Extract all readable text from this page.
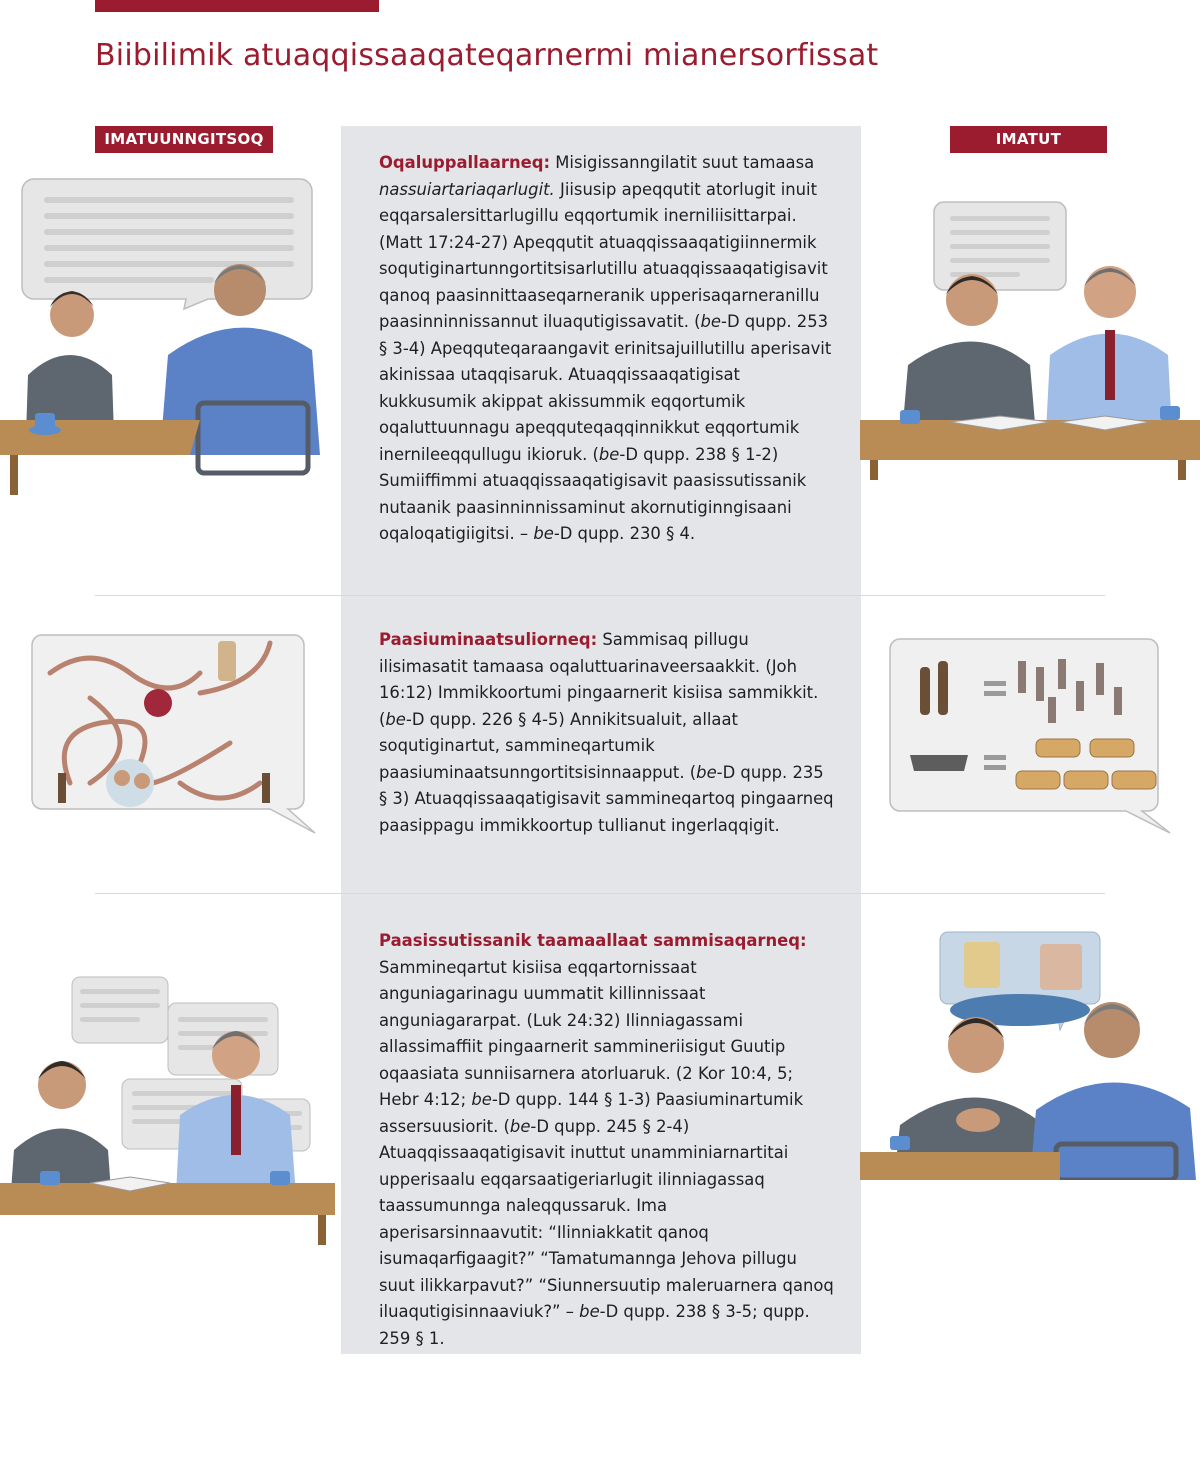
Biibilimik atuaqqissaaqateqarnermi mianersorfissat
IMATUUNNGITSOQ	IMATUT

Oqaluppallaarneq: Misigissanngilatit suut tamaasa nassuiartariaqarlugit. Jiisusip apeqqutit atorlugit inuit eqqarsalersittarlugillu eqqortumik inerniliisittarpai. (Matt 17:24-27) Apeqqutit atuaqqissaaqatigiinnermik soqutiginartunngortitsisarlutillu atuaqqissaaqatigisavit qanoq paasinnittaaseqarneranik upperisaqarneranillu paasinninnissannut iluaqutigissavatit. (be-D qupp. 253 § 3-4) Apeqquteqaraangavit erinitsajuillutillu aperisavit akinissaa utaqqisaruk. Atuaqqissaaqatigisat kukkusumik akippat akissummik eqqortumik oqaluttuunnagu apeqquteqaqqinnikkut eqqortumik inernileeqqullugu ikioruk. (be-D qupp. 238 § 1-2) Sumiiffimmi atuaqqissaaqatigisavit paasissutissanik nutaanik paasinninnissaminut akornutiginngisaani oqaloqatigiigitsi. – be-D qupp. 230 § 4.

Paasiuminaatsuliorneq: Sammisaq pillugu ilisimasatit tamaasa oqaluttuarinaveersaakkit. (Joh 16:12) Immikkoortumi pingaarnerit kisiisa sammikkit. (be-D qupp. 226 § 4-5) Annikitsualuit, allaat soqutiginartut, sammineqartumik paasiuminaatsunngortitsisinnaapput. (be-D qupp. 235 § 3) Atuaqqissaaqatigisavit sammineqartoq pingaarneq paasippagu immikkoortup tullianut ingerlaqqigit.

Paasissutissanik taamaallaat sammisaqarneq: Sammineqartut kisiisa eqqartornissaat anguniagarinagu uummatit killinnissaat anguniagararpat. (Luk 24:32) Ilinniagassami allassimaffiit pingaarnerit sammineriisigut Guutip oqaasiata sunniisarnera atorluaruk. (2 Kor 10:4, 5; Hebr 4:12; be-D qupp. 144 § 1-3) Paasiuminartumik assersuusiorit. (be-D qupp. 245 § 2-4) Atuaqqissaaqatigisavit inuttut unamminiarnartitai upperisaalu eqqarsaatigeriarlugit ilinniagassaq taassumunnga naleqqussaruk. Ima aperisarsinnaavutit: “Ilinniakkatit qanoq isumaqarfigaagit?” “Tamatumannga Jehova pillugu suut ilikkarpavut?” “Siunnersuutip maleruarnera qanoq iluaqutigisinnaaviuk?” – be-D qupp. 238 § 3-5; qupp. 259 § 1.
